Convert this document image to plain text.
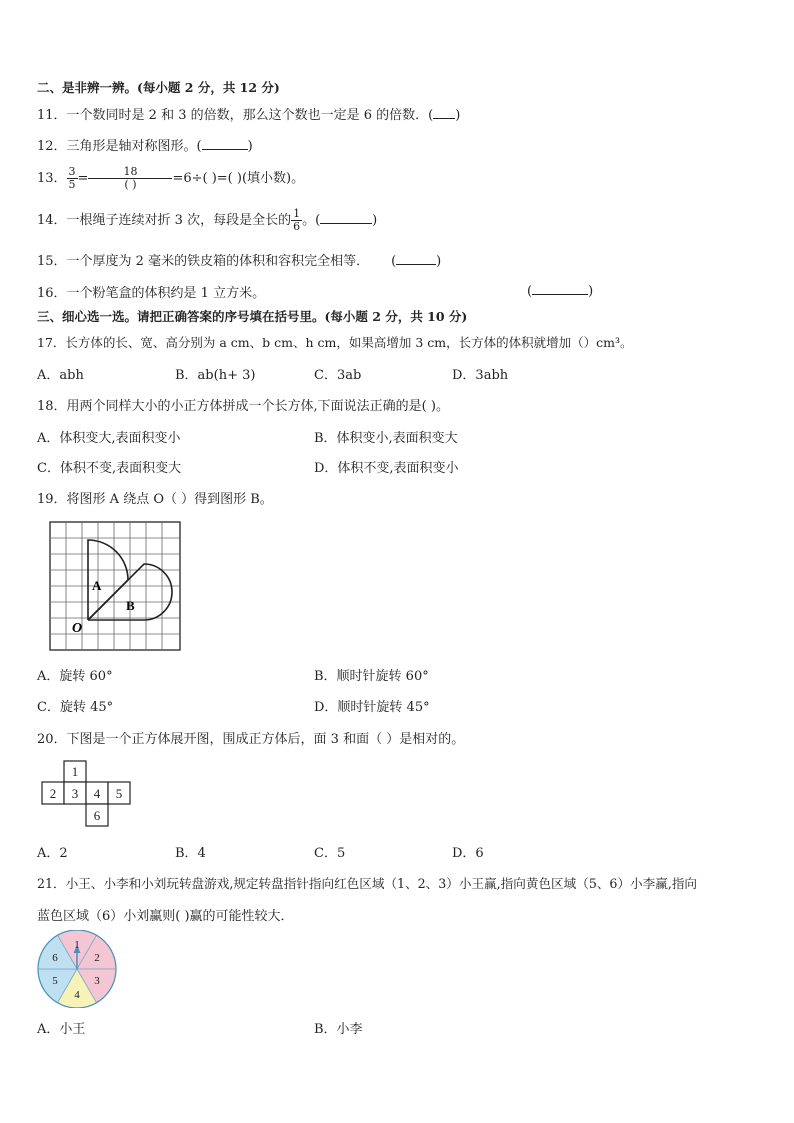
二、是非辨一辨。(每小题 2 分，共 12 分)
11．一个数同时是 2 和 3 的倍数，那么这个数也一定是 6 的倍数．( )
12．三角形是轴对称图形。(	)
13． $\frac{3}{5} = \frac{18}{( )} =6\div$( )=( )(填小数)。
14．一根绳子连续对折 3 次，每段是全长的 $\frac{1}{6}$ 。(	)
15．一个厚度为 2 毫米的铁皮箱的体积和容积完全相等． (	)
16．一个粉笔盒的体积约是 1 立方米。	(	)
三、细心选一选。请把正确答案的序号填在括号里。(每小题 2 分，共 10 分)
17．长方体的长、宽、高分别为 a cm、b cm、h cm，如果高增加 3 cm，长方体的体积就增加（）cm³。
A．abh	B．ab(h+ 3)	C．3ab	D．3abh
18．用两个同样大小的小正方体拼成一个长方体,下面说法正确的是( )。
A．体积变大,表面积变小	B．体积变小,表面积变大
C．体积不变,表面积变大	D．体积不变,表面积变小
19．将图形 A 绕点 O（ ）得到图形 B。
A
B
O
A．旋转 60°	B．顺时针旋转 60°
C．旋转 45°	D．顺时针旋转 45°
20．下图是一个正方体展开图，围成正方体后，面 3 和面（ ）是相对的。
1
2 3 4 5
6
A．2	B．4	C．5	D．6
21．小王、小李和小刘玩转盘游戏,规定转盘指针指向红色区域（1、2、3）小王赢,指向黄色区域（5、6）小李赢,指向
蓝色区域（6）小刘赢则( )赢的可能性较大．
1
2
3
4
5
6
A．小王	B．小李
